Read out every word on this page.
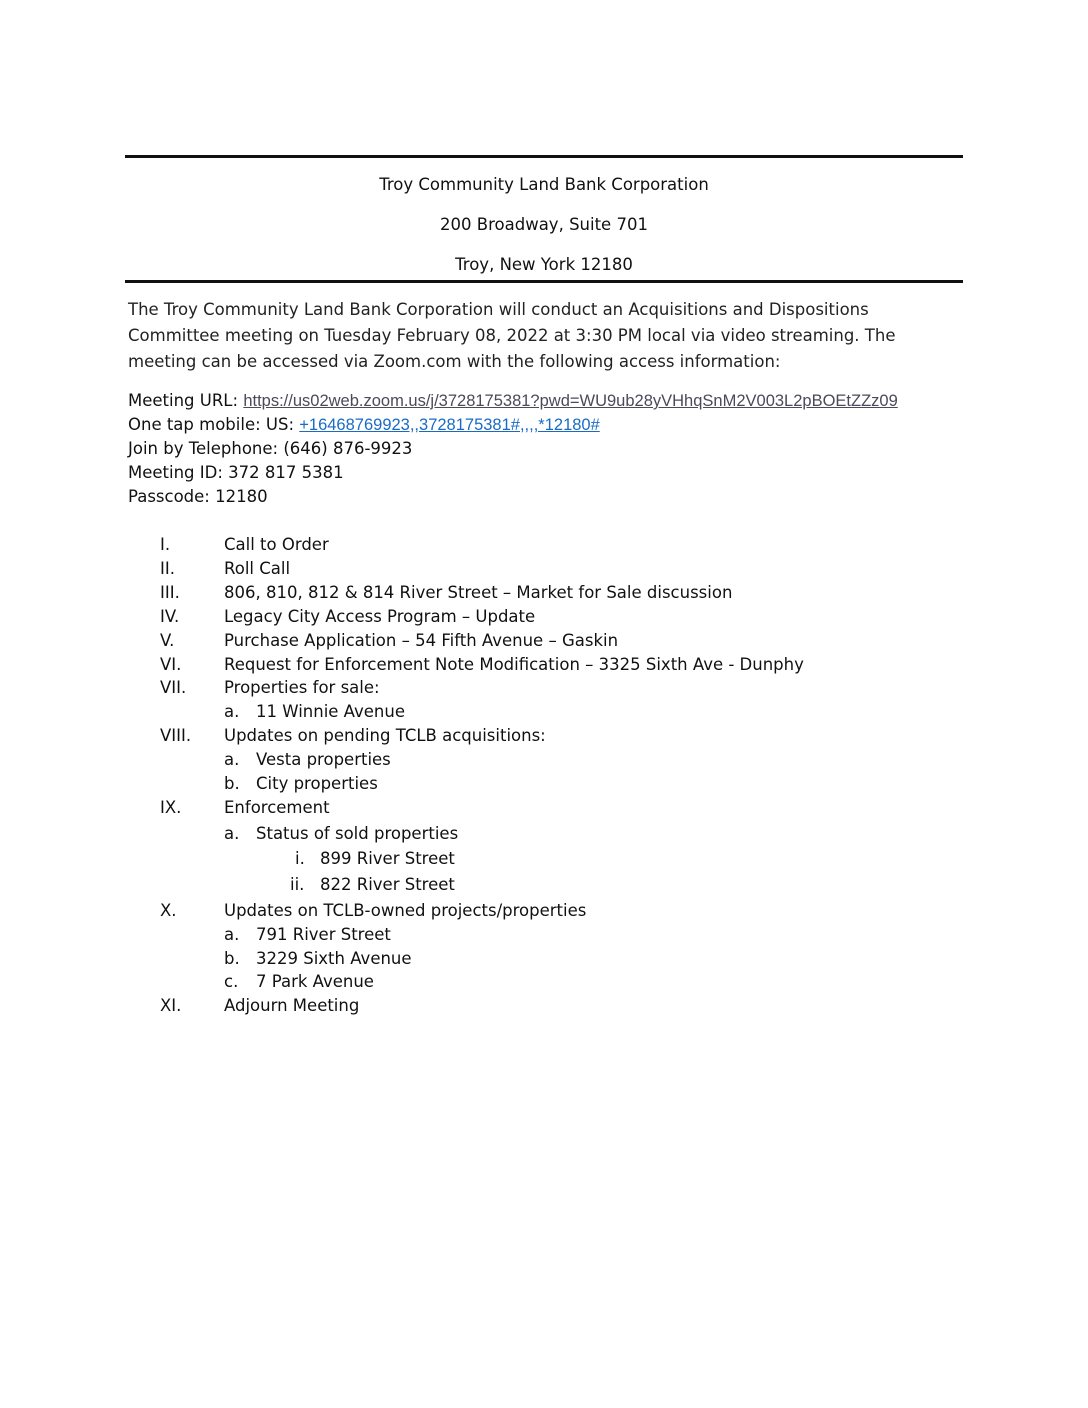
Troy Community Land Bank Corporation
200 Broadway, Suite 701
Troy, New York 12180
The Troy Community Land Bank Corporation will conduct an Acquisitions and Dispositions Committee meeting on Tuesday February 08, 2022 at 3:30 PM local via video streaming. The meeting can be accessed via Zoom.com with the following access information:
Meeting URL: https://us02web.zoom.us/j/3728175381?pwd=WU9ub28yVHhqSnM2V003L2pBOEtZZz09
One tap mobile: US: +16468769923,,3728175381#,,,,*12180#
Join by Telephone: (646) 876-9923
Meeting ID: 372 817 5381
Passcode: 12180
I.	Call to Order
II.	Roll Call
III.	806, 810, 812 & 814 River Street – Market for Sale discussion
IV.	Legacy City Access Program – Update
V.	Purchase Application – 54 Fifth Avenue – Gaskin
VI.	Request for Enforcement Note Modification – 3325 Sixth Ave - Dunphy
VII. Properties for sale:
a. 11 Winnie Avenue
VIII. Updates on pending TCLB acquisitions:
a. Vesta properties
b. City properties
IX.	Enforcement
a. Status of sold properties
i. 899 River Street
ii. 822 River Street
X.	Updates on TCLB-owned projects/properties
a. 791 River Street
b. 3229 Sixth Avenue
c. 7 Park Avenue
XI.	Adjourn Meeting
